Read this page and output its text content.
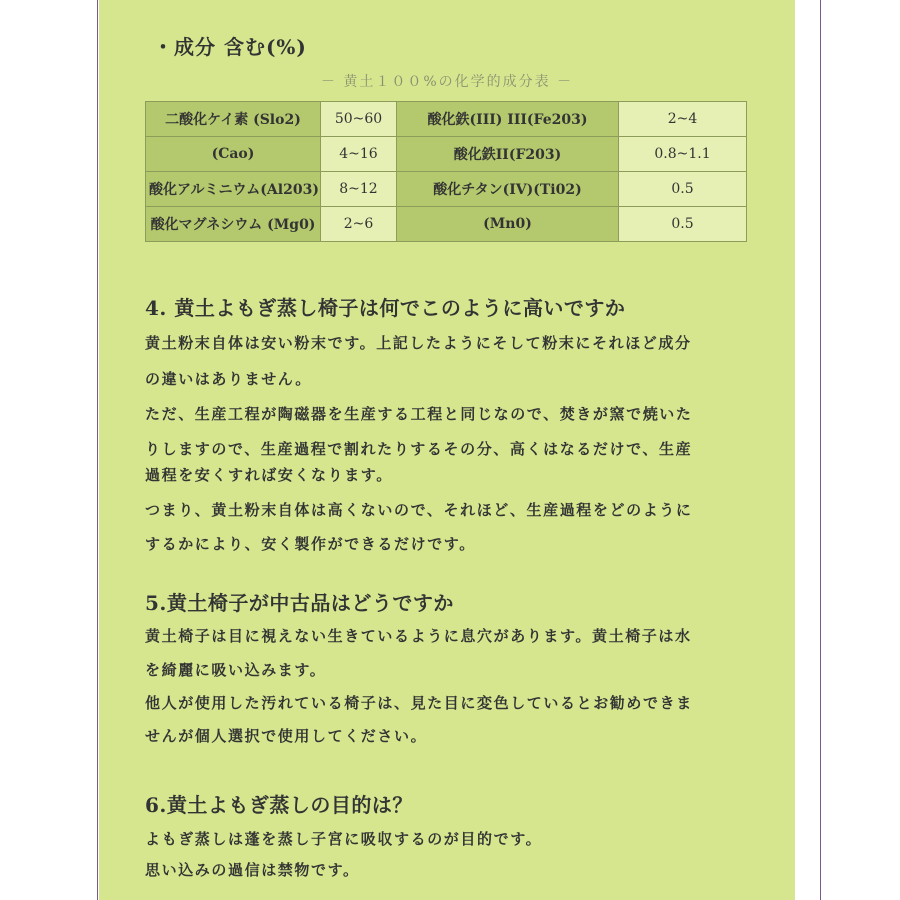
・成分 含む(%)
－ 黄土１００%の化学的成分表 －
二酸化ケイ素 (Slo2)	50~60	酸化鉄(III) III(Fe203)	2~4
(Cao)	4~16	酸化鉄II(F203)	0.8~1.1
酸化アルミニウム(Al203)	8~12	酸化チタン(IV)(Ti02)	0.5
酸化マグネシウム (Mg0)	2~6	(Mn0)	0.5
4. 黄土よもぎ蒸し椅子は何でこのように高いですか
黄土粉末自体は安い粉末です。上記したようにそして粉末にそれほど成分
の違いはありません。
ただ、生産工程が陶磁器を生産する工程と同じなので、焚きが窯で焼いた
りしますので、生産過程で割れたりするその分、高くはなるだけで、生産
過程を安くすれば安くなります。
つまり、黄土粉末自体は高くないので、それほど、生産過程をどのように
するかにより、安く製作ができるだけです。
5.黄土椅子が中古品はどうですか
黄土椅子は目に視えない生きているように息穴があります。黄土椅子は水
を綺麗に吸い込みます。
他人が使用した汚れている椅子は、見た目に変色しているとお勧めできま
せんが個人選択で使用してください。
6.黄土よもぎ蒸しの目的は？
よもぎ蒸しは蓬を蒸し子宮に吸収するのが目的です。
思い込みの過信は禁物です。
